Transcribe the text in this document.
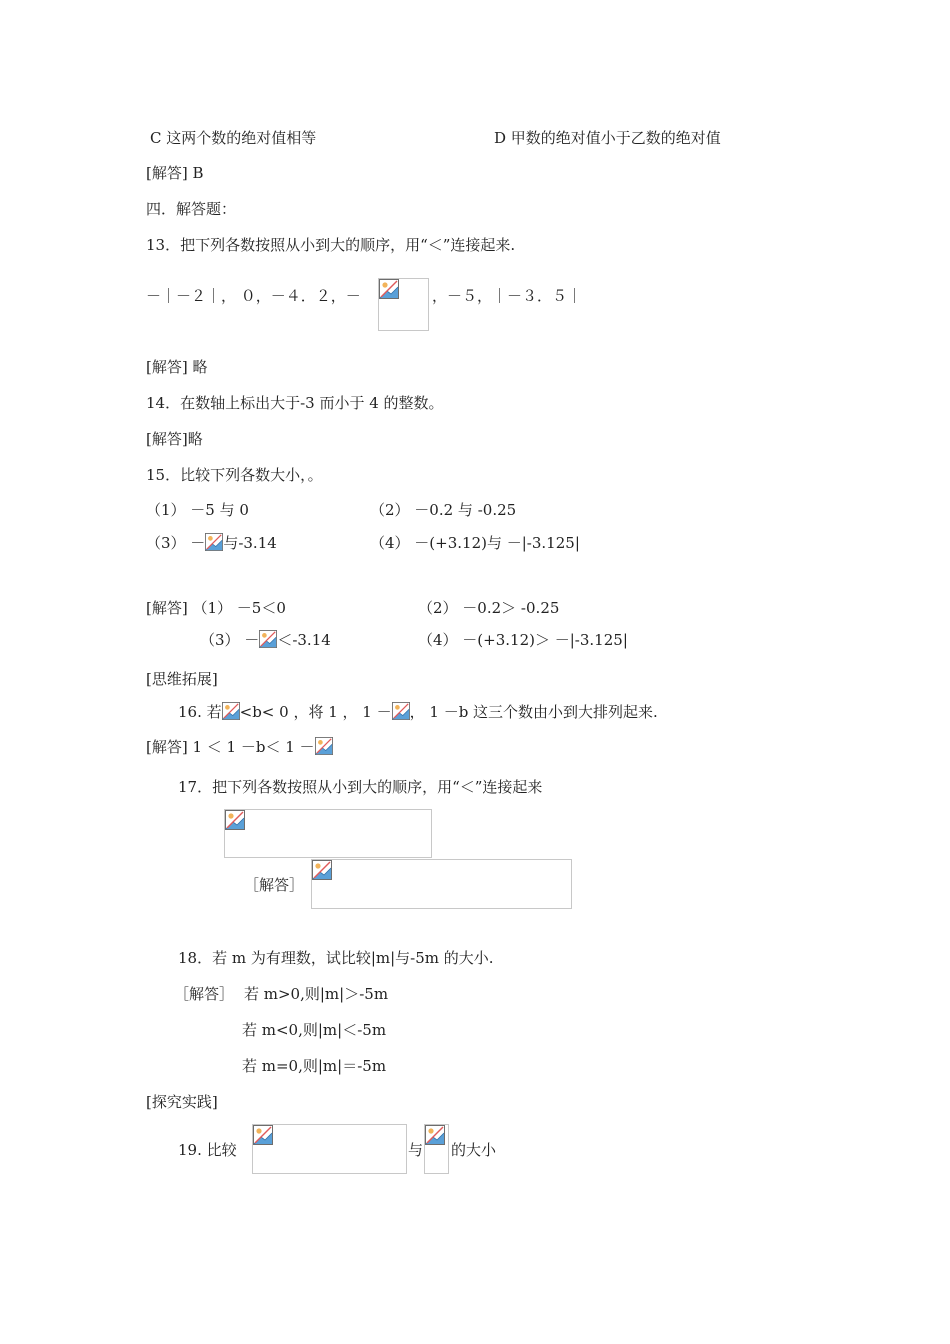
C 这两个数的绝对值相等	D 甲数的绝对值小于乙数的绝对值
[解答] B
四．解答题：
13．把下列各数按照从小到大的顺序，用“＜”连接起来.
－｜－２｜， ０，－４．２，－	，－５，｜－３．５｜
[解答] 略
14．在数轴上标出大于-3 而小于 4 的整数。
[解答]略
15．比较下列各数大小，。
（1） －5 与 0	（2） －0.2 与 -0.25
（3） － 与-3.14	（4） －(+3.12)与 －|-3.125|
[解答] （1） －5＜0	（2） －0.2＞ -0.25
（3） － ＜-3.14	（4） －(+3.12)＞ －|-3.125|
[思维拓展]
16. 若 <b< 0 ，将 1 ， 1 － ， 1 －b 这三个数由小到大排列起来.
[解答] 1 ＜ 1 －b＜ 1 －
17．把下列各数按照从小到大的顺序，用“＜”连接起来
［解答］
18．若 m 为有理数，试比较|m|与-5m 的大小.
［解答］ 若 m>0,则|m|＞-5m
若 m<0,则|m|＜-5m
若 m=0,则|m|＝-5m
[探究实践]
19. 比较	与 的大小
